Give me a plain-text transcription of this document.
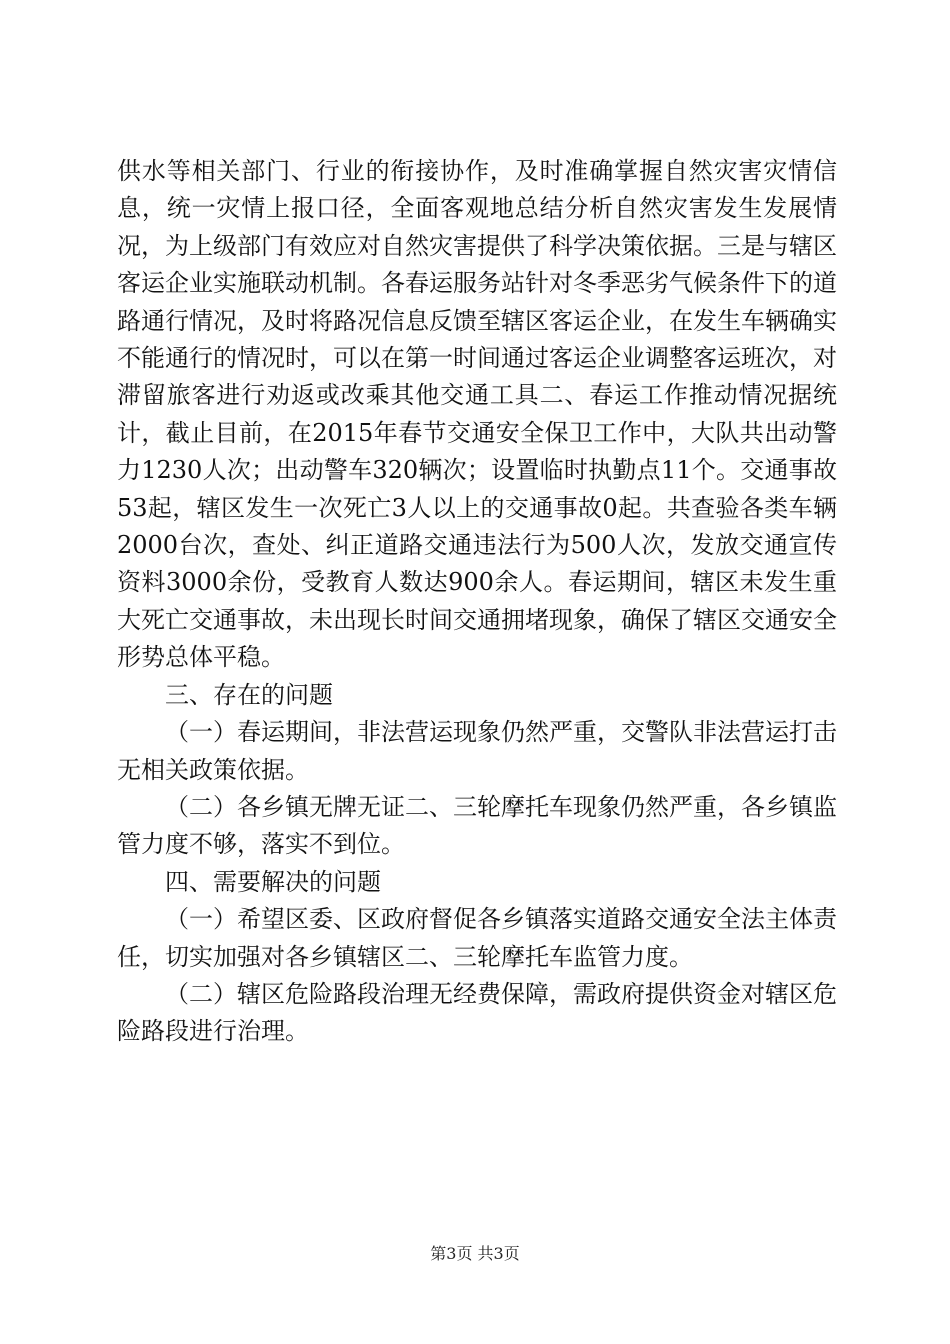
供水等相关部门、行业的衔接协作，及时准确掌握自然灾害灾情信息，统一灾情上报口径，全面客观地总结分析自然灾害发生发展情况，为上级部门有效应对自然灾害提供了科学决策依据。三是与辖区客运企业实施联动机制。各春运服务站针对冬季恶劣气候条件下的道路通行情况，及时将路况信息反馈至辖区客运企业，在发生车辆确实不能通行的情况时，可以在第一时间通过客运企业调整客运班次，对滞留旅客进行劝返或改乘其他交通工具二、春运工作推动情况据统计，截止目前，在2015年春节交通安全保卫工作中，大队共出动警力1230人次；出动警车320辆次；设置临时执勤点11个。交通事故53起，辖区发生一次死亡3人以上的交通事故0起。共查验各类车辆2000台次，查处、纠正道路交通违法行为500人次，发放交通宣传资料3000余份，受教育人数达900余人。春运期间，辖区未发生重大死亡交通事故，未出现长时间交通拥堵现象，确保了辖区交通安全形势总体平稳。

三、存在的问题

（一）春运期间，非法营运现象仍然严重，交警队非法营运打击无相关政策依据。

（二）各乡镇无牌无证二、三轮摩托车现象仍然严重，各乡镇监管力度不够，落实不到位。

四、需要解决的问题

（一）希望区委、区政府督促各乡镇落实道路交通安全法主体责任，切实加强对各乡镇辖区二、三轮摩托车监管力度。

（二）辖区危险路段治理无经费保障，需政府提供资金对辖区危险路段进行治理。

第3页 共3页
